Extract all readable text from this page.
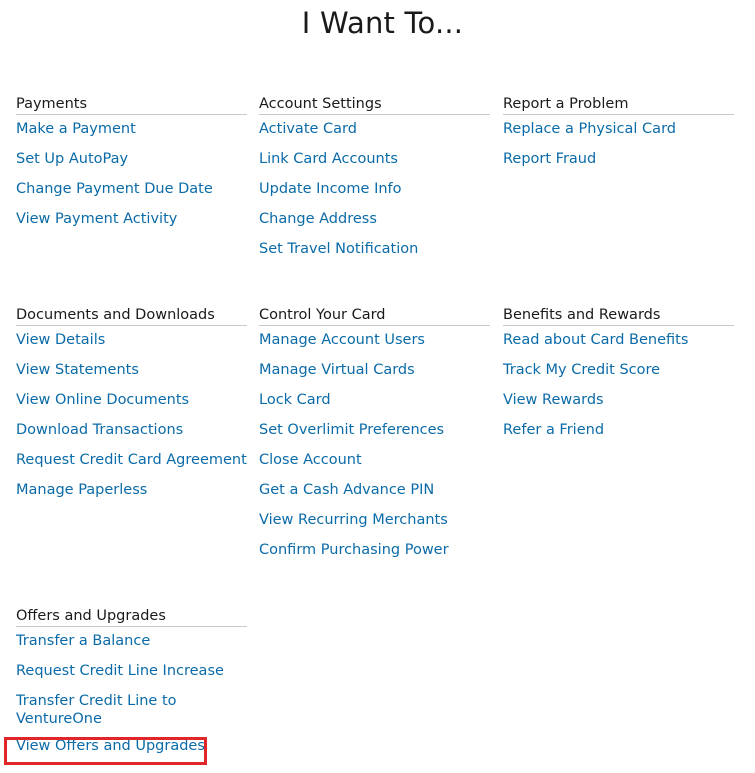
I Want To...
Payments
Make a Payment
Set Up AutoPay
Change Payment Due Date
View Payment Activity
Account Settings
Activate Card
Link Card Accounts
Update Income Info
Change Address
Set Travel Notification
Report a Problem
Replace a Physical Card
Report Fraud
Documents and Downloads
View Details
View Statements
View Online Documents
Download Transactions
Request Credit Card Agreement
Manage Paperless
Control Your Card
Manage Account Users
Manage Virtual Cards
Lock Card
Set Overlimit Preferences
Close Account
Get a Cash Advance PIN
View Recurring Merchants
Confirm Purchasing Power
Benefits and Rewards
Read about Card Benefits
Track My Credit Score
View Rewards
Refer a Friend
Offers and Upgrades
Transfer a Balance
Request Credit Line Increase
Transfer Credit Line to VentureOne
View Offers and Upgrades
